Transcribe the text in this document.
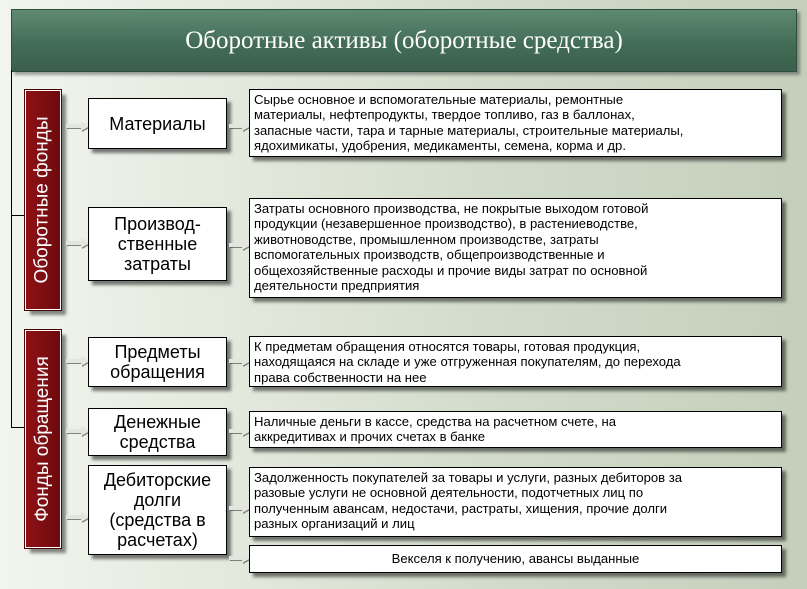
Оборотные активы (оборотные средства)
Оборотные фонды
Фонды обращения
Материалы
Производ-
ственные
затраты
Предметы
обращения
Денежные
средства
Дебиторские
долги
(средства в
расчетах)
Сырье основное и вспомогательные материалы, ремонтные
материалы, нефтепродукты, твердое топливо, газ в баллонах,
запасные части, тара и тарные материалы, строительные материалы,
ядохимикаты, удобрения, медикаменты, семена, корма и др.
Затраты основного производства, не покрытые выходом готовой
продукции (незавершенное производство), в растениеводстве,
животноводстве, промышленном производстве, затраты
вспомогательных производств, общепроизводственные и
общехозяйственные расходы и прочие виды затрат по основной
деятельности предприятия
К предметам обращения относятся товары, готовая продукция,
находящаяся на складе и уже отгруженная покупателям, до перехода
права собственности на нее
Наличные деньги в кассе, средства на расчетном счете, на
аккредитивах и прочих счетах в банке
Задолженность покупателей за товары и услуги, разных дебиторов за
разовые услуги не основной деятельности, подотчетных лиц по
полученным авансам, недостачи, растраты, хищения, прочие долги
разных организаций и лиц
Векселя к получению, авансы выданные
